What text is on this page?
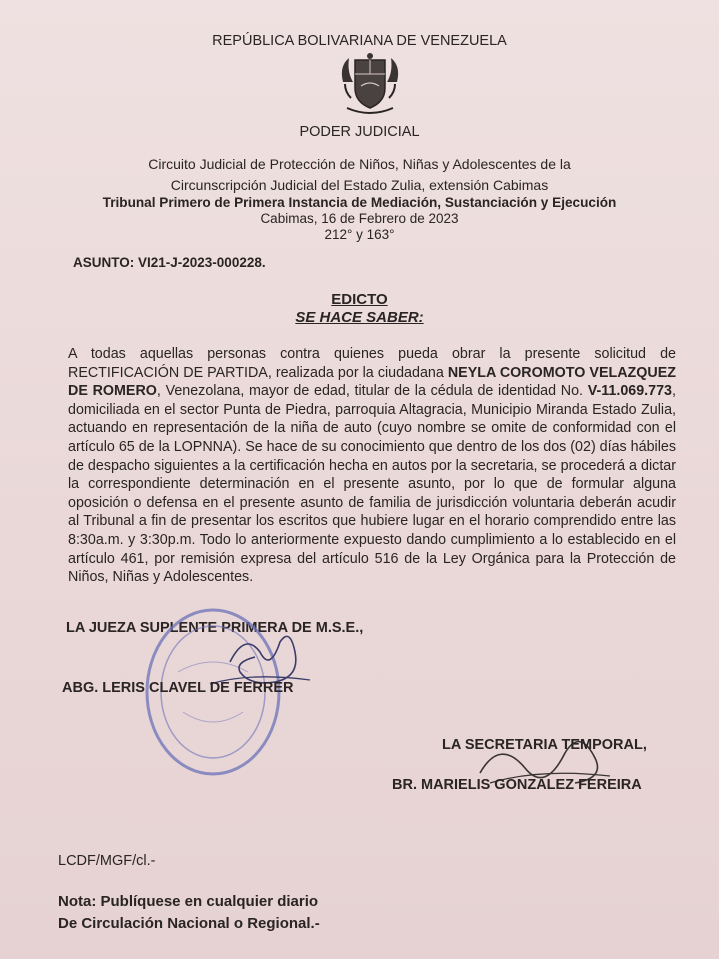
REPÚBLICA BOLIVARIANA DE VENEZUELA
PODER JUDICIAL
Circuito Judicial de Protección de Niños, Niñas y Adolescentes de la
Circunscripción Judicial del Estado Zulia, extensión Cabimas
Tribunal Primero de Primera Instancia de Mediación, Sustanciación y Ejecución
Cabimas, 16 de Febrero de 2023
212° y 163°
ASUNTO: VI21-J-2023-000228.
EDICTO
SE HACE SABER:

A todas aquellas personas contra quienes pueda obrar la presente solicitud de RECTIFICACIÓN DE PARTIDA, realizada por la ciudadana NEYLA COROMOTO VELAZQUEZ DE ROMERO, Venezolana, mayor de edad, titular de la cédula de identidad No. V-11.069.773, domiciliada en el sector Punta de Piedra, parroquia Altagracia, Municipio Miranda Estado Zulia, actuando en representación de la niña de auto (cuyo nombre se omite de conformidad con el artículo 65 de la LOPNNA). Se hace de su conocimiento que dentro de los dos (02) días hábiles de despacho siguientes a la certificación hecha en autos por la secretaria, se procederá a dictar la correspondiente determinación en el presente asunto, por lo que de formular alguna oposición o defensa en el presente asunto de familia de jurisdicción voluntaria deberán acudir al Tribunal a fin de presentar los escritos que hubiere lugar en el horario comprendido entre las 8:30a.m. y 3:30p.m. Todo lo anteriormente expuesto dando cumplimiento a lo establecido en el artículo 461, por remisión expresa del artículo 516 de la Ley Orgánica para la Protección de Niños, Niñas y Adolescentes.

LA JUEZA SUPLENTE PRIMERA DE M.S.E.,
ABG. LERIS CLAVEL DE FERRER
LA SECRETARIA TEMPORAL,
BR. MARIELIS GONZALEZ FEREIRA
LCDF/MGF/cl.-
Nota: Publíquese en cualquier diario
De Circulación Nacional o Regional.-
